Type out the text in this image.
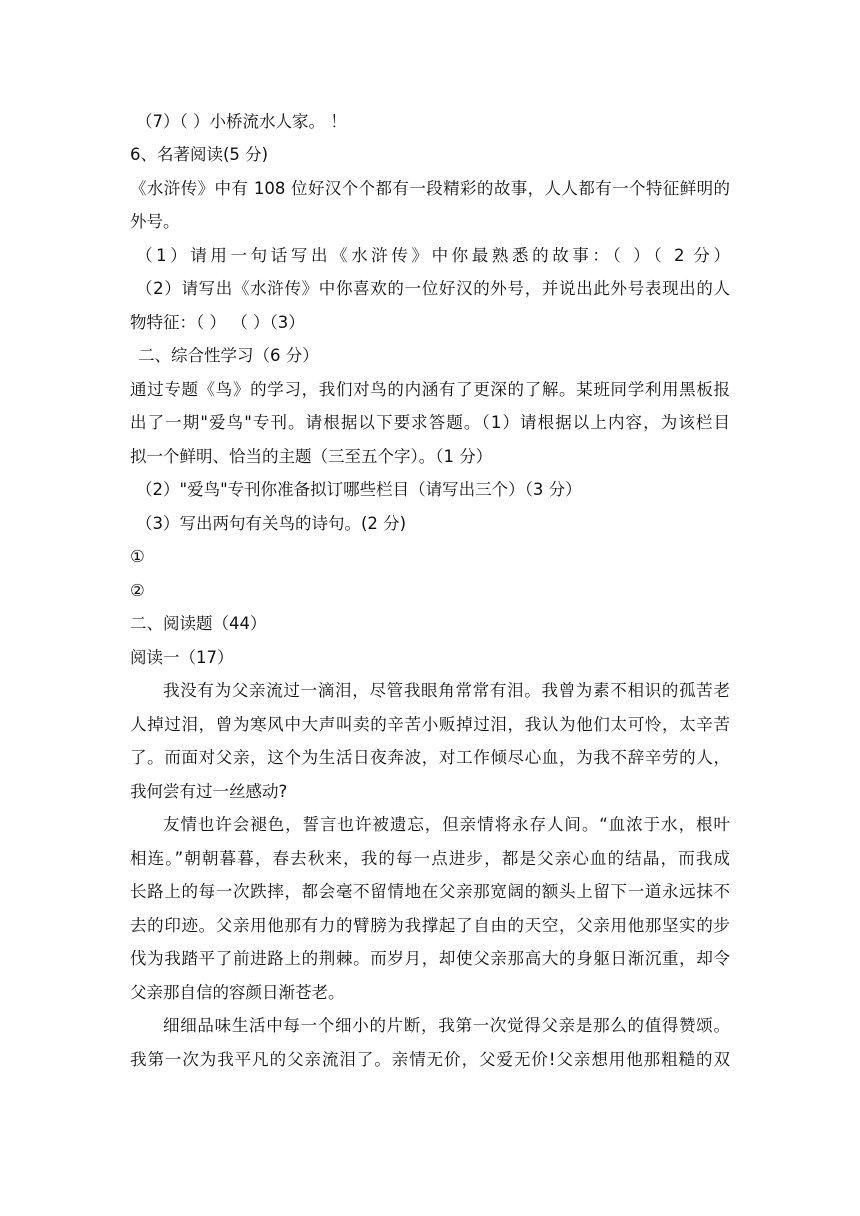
（7）（ ）小桥流水人家。 ！
6、名著阅读(5 分)
《水浒传》中有 108 位好汉个个都有一段精彩的故事，人人都有一个特征鲜明的
外号。
（1）请用一句话写出《水浒传》中你最熟悉的故事：（ ）（ 2 分）
（2）请写出《水浒传》中你喜欢的一位好汉的外号，并说出此外号表现出的人
物特征：（ ） （ ）（3）
二、综合性学习（6 分）
通过专题《鸟》的学习，我们对鸟的内涵有了更深的了解。某班同学利用黑板报
出了一期"爱鸟"专刊。请根据以下要求答题。（1）请根据以上内容，为该栏目
拟一个鲜明、恰当的主题（三至五个字）。（1 分）
（2）"爱鸟"专刊你准备拟订哪些栏目（请写出三个）（3 分）
（3）写出两句有关鸟的诗句。(2 分)
①
②
二、阅读题（44）
阅读一（17）
我没有为父亲流过一滴泪，尽管我眼角常常有泪。我曾为素不相识的孤苦老
人掉过泪，曾为寒风中大声叫卖的辛苦小贩掉过泪，我认为他们太可怜，太辛苦
了。而面对父亲，这个为生活日夜奔波，对工作倾尽心血，为我不辞辛劳的人，
我何尝有过一丝感动?
友情也许会褪色，誓言也许被遗忘，但亲情将永存人间。“血浓于水，根叶
相连。”朝朝暮暮，春去秋来，我的每一点进步，都是父亲心血的结晶，而我成
长路上的每一次跌摔，都会毫不留情地在父亲那宽阔的额头上留下一道永远抹不
去的印迹。父亲用他那有力的臂膀为我撑起了自由的天空，父亲用他那坚实的步
伐为我踏平了前进路上的荆棘。而岁月，却使父亲那高大的身躯日渐沉重，却令
父亲那自信的容颜日渐苍老。
细细品味生活中每一个细小的片断，我第一次觉得父亲是那么的值得赞颂。
我第一次为我平凡的父亲流泪了。亲情无价，父爱无价!父亲想用他那粗糙的双
